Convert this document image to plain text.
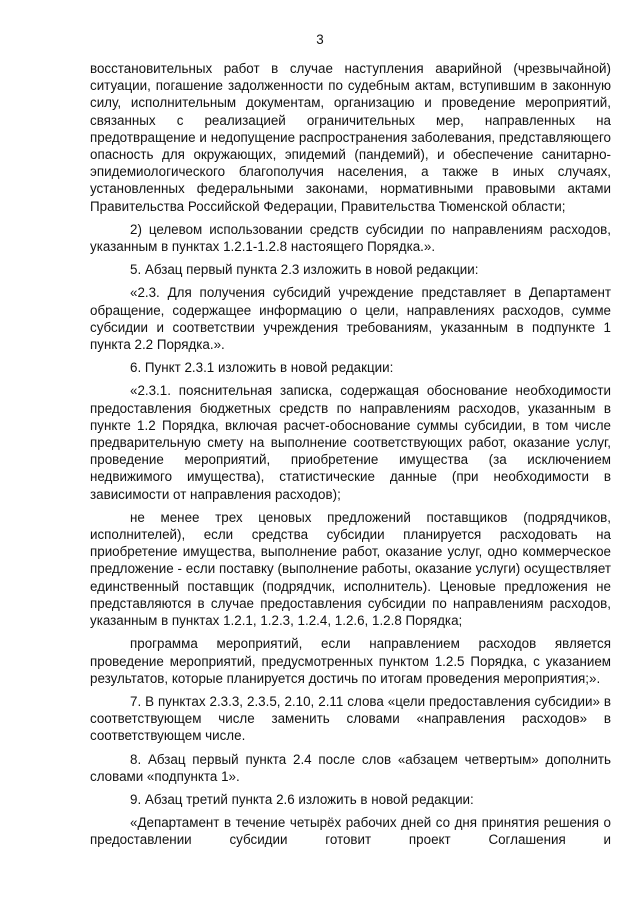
3

восстановительных работ в случае наступления аварийной (чрезвычайной) ситуации, погашение задолженности по судебным актам, вступившим в законную силу, исполнительным документам, организацию и проведение мероприятий, связанных с реализацией ограничительных мер, направленных на предотвращение и недопущение распространения заболевания, представляющего опасность для окружающих, эпидемий (пандемий), и обеспечение санитарно-эпидемиологического благополучия населения, а также в иных случаях, установленных федеральными законами, нормативными правовыми актами Правительства Российской Федерации, Правительства Тюменской области;

2) целевом использовании средств субсидии по направлениям расходов, указанным в пунктах 1.2.1-1.2.8 настоящего Порядка.».

5. Абзац первый пункта 2.3 изложить в новой редакции:

«2.3. Для получения субсидий учреждение представляет в Департамент обращение, содержащее информацию о цели, направлениях расходов, сумме субсидии и соответствии учреждения требованиям, указанным в подпункте 1 пункта 2.2 Порядка.».

6. Пункт 2.3.1 изложить в новой редакции:

«2.3.1. пояснительная записка, содержащая обоснование необходимости предоставления бюджетных средств по направлениям расходов, указанным в пункте 1.2 Порядка, включая расчет-обоснование суммы субсидии, в том числе предварительную смету на выполнение соответствующих работ, оказание услуг, проведение мероприятий, приобретение имущества (за исключением недвижимого имущества), статистические данные (при необходимости в зависимости от направления расходов);

не менее трех ценовых предложений поставщиков (подрядчиков, исполнителей), если средства субсидии планируется расходовать на приобретение имущества, выполнение работ, оказание услуг, одно коммерческое предложение - если поставку (выполнение работы, оказание услуги) осуществляет единственный поставщик (подрядчик, исполнитель). Ценовые предложения не представляются в случае предоставления субсидии по направлениям расходов, указанным в пунктах 1.2.1, 1.2.3, 1.2.4, 1.2.6, 1.2.8 Порядка;

программа мероприятий, если направлением расходов является проведение мероприятий, предусмотренных пунктом 1.2.5 Порядка, с указанием результатов, которые планируется достичь по итогам проведения мероприятия;».

7. В пунктах 2.3.3, 2.3.5, 2.10, 2.11 слова «цели предоставления субсидии» в соответствующем числе заменить словами «направления расходов» в соответствующем числе.

8. Абзац первый пункта 2.4 после слов «абзацем четвертым» дополнить словами «подпункта 1».

9. Абзац третий пункта 2.6 изложить в новой редакции:

«Департамент в течение четырёх рабочих дней со дня принятия решения о предоставлении субсидии готовит проект Соглашения и
